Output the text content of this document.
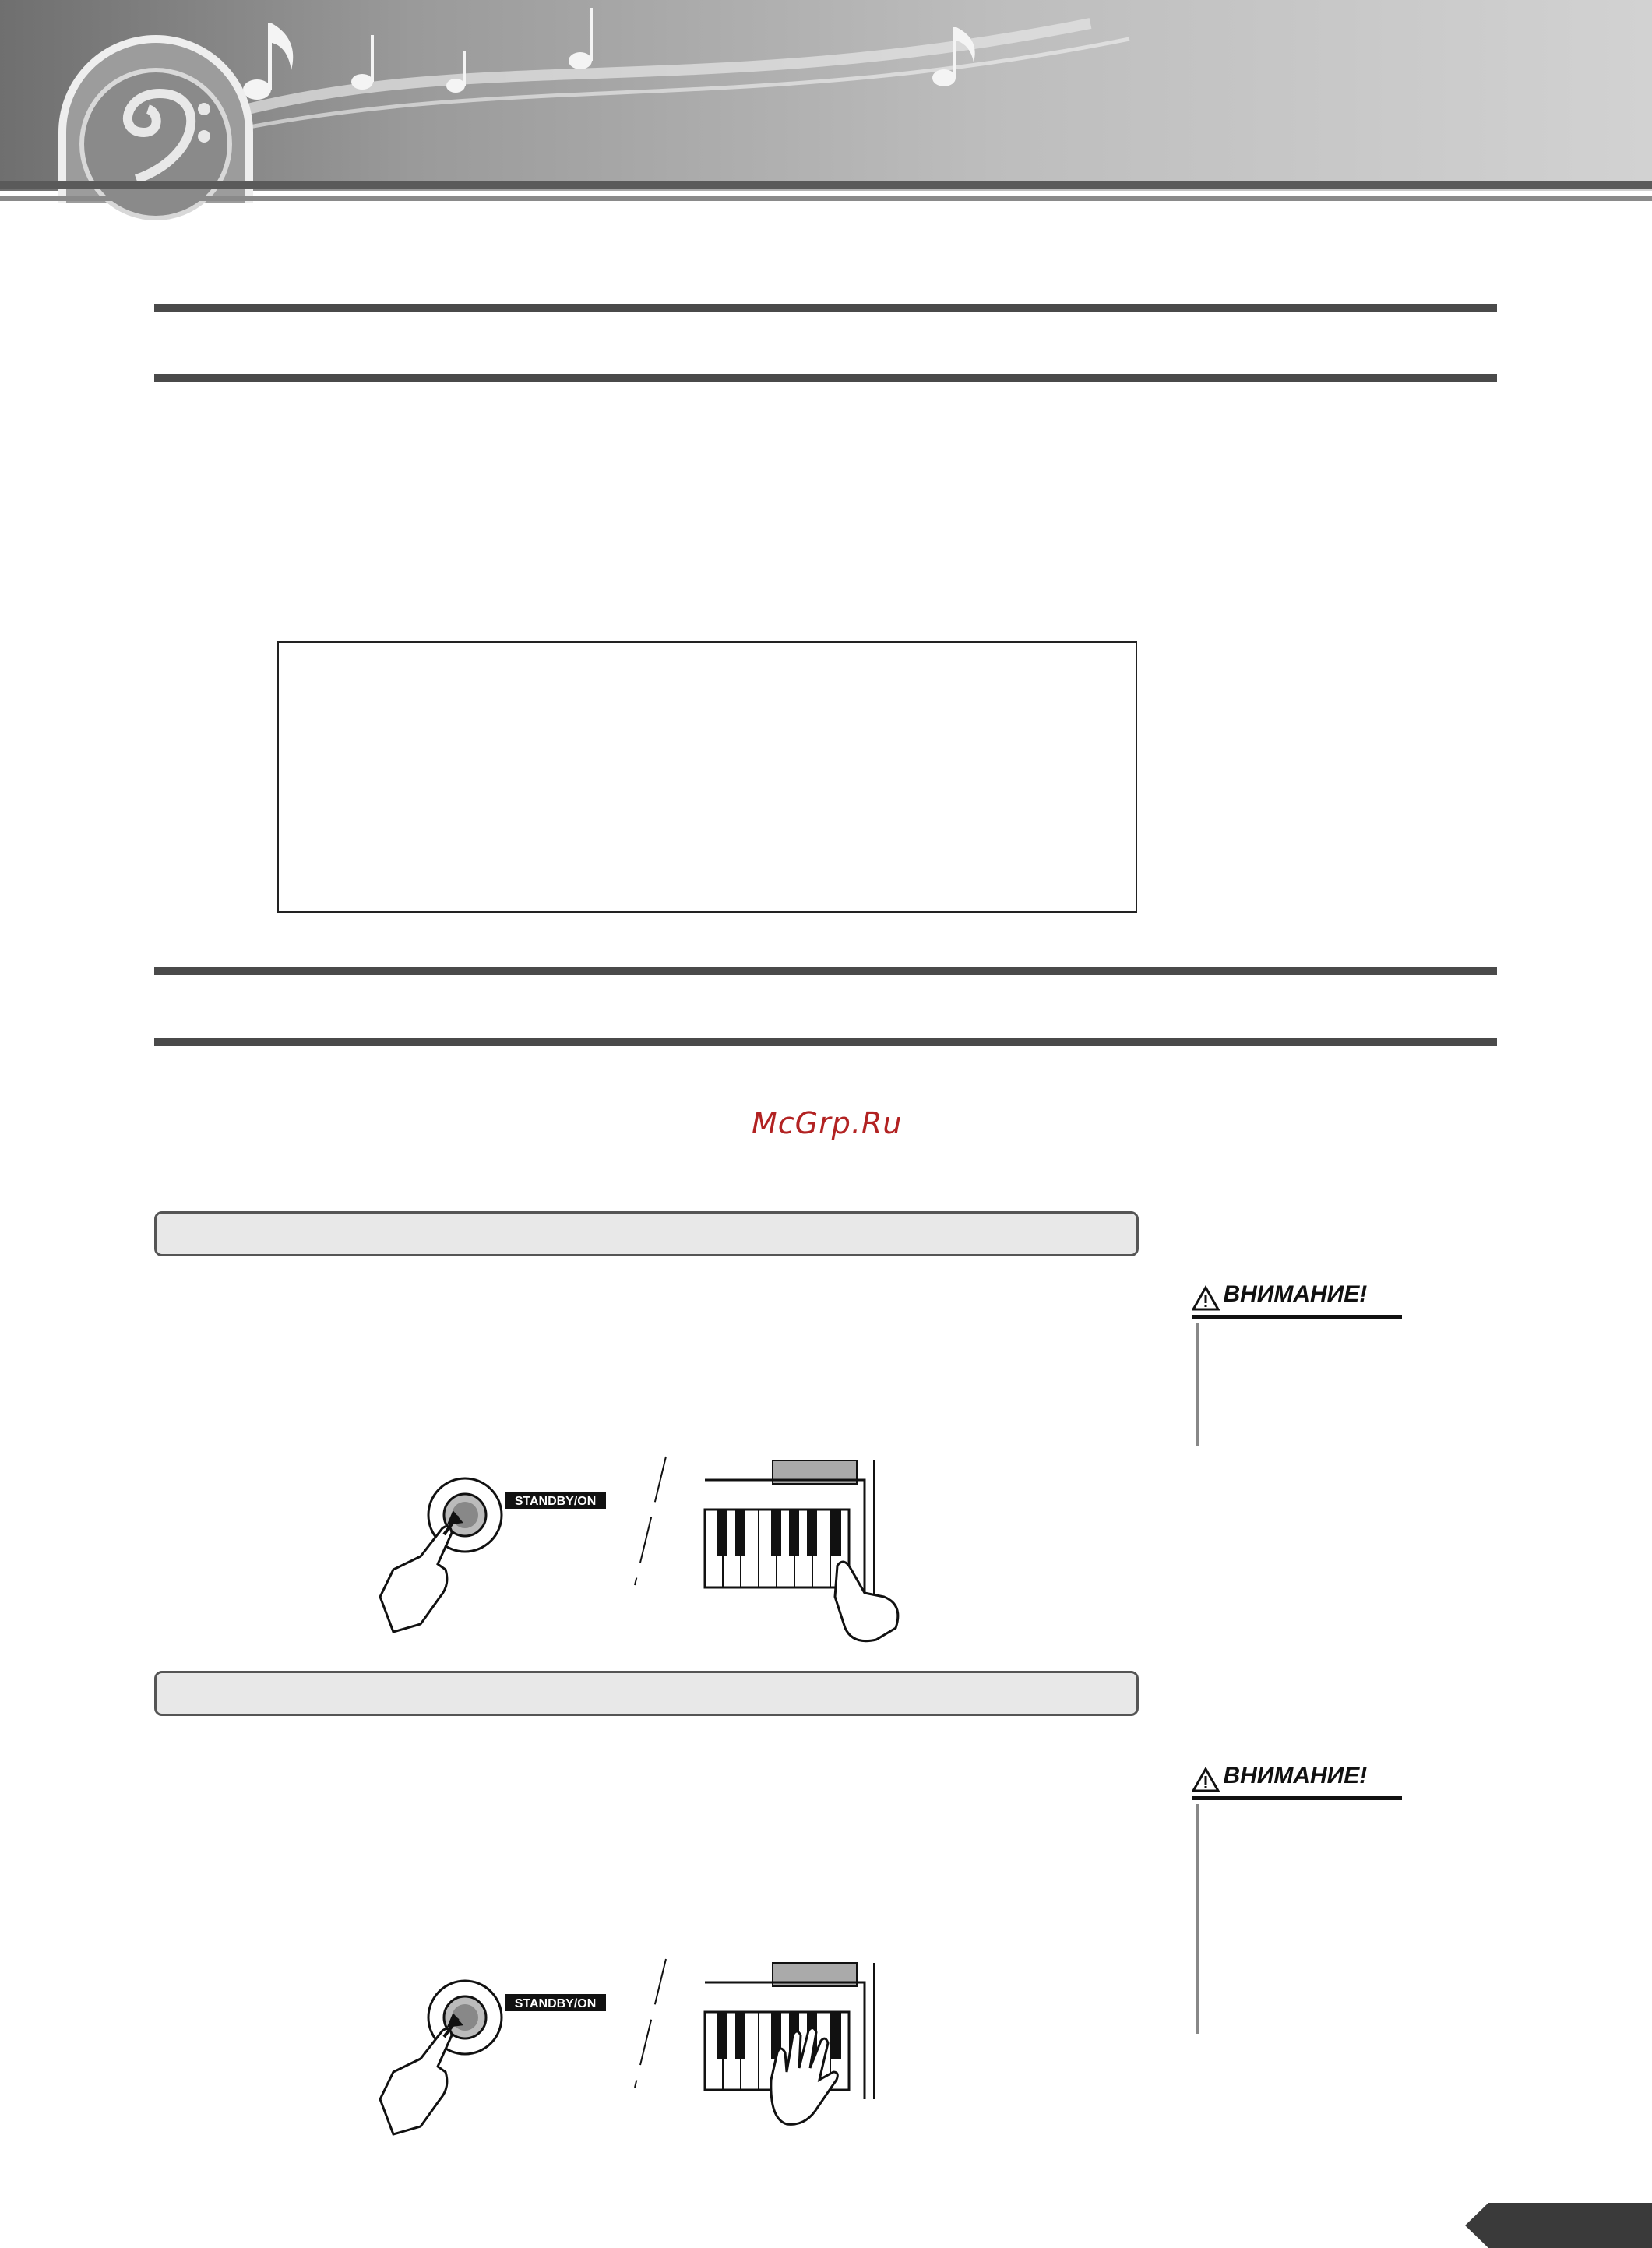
McGrp.Ru
ВНИМАНИЕ!
STANDBY/ON
ВНИМАНИЕ!
STANDBY/ON
